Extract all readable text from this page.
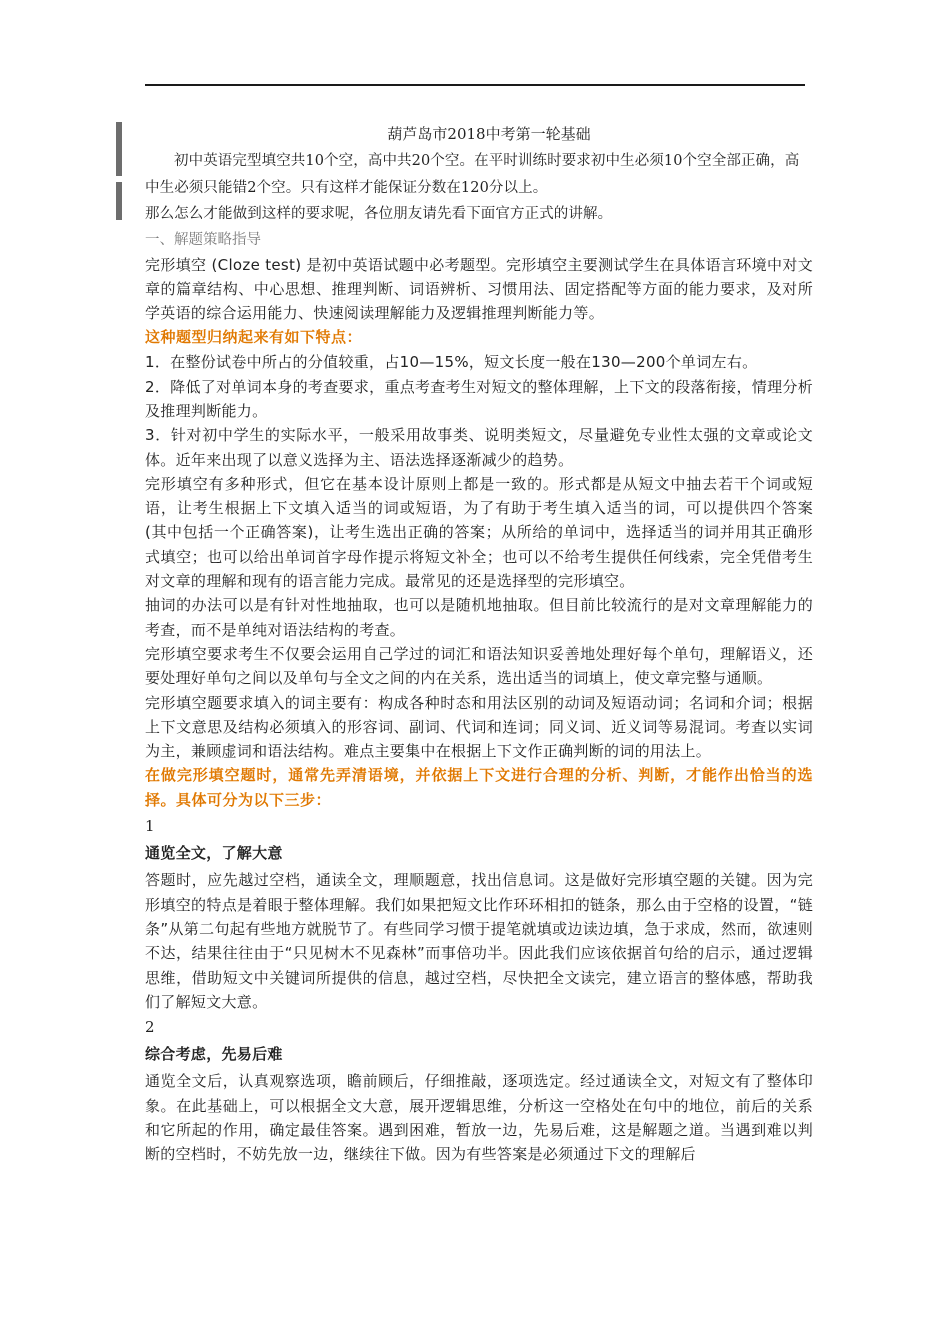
葫芦岛市2018中考第一轮基础

初中英语完型填空共10个空，高中共20个空。在平时训练时要求初中生必须10个空全部正确，高中生必须只能错2个空。只有这样才能保证分数在120分以上。

那么怎么才能做到这样的要求呢，各位朋友请先看下面官方正式的讲解。

一、解题策略指导

完形填空 (Cloze test) 是初中英语试题中必考题型。完形填空主要测试学生在具体语言环境中对文章的篇章结构、中心思想、推理判断、词语辨析、习惯用法、固定搭配等方面的能力要求，及对所学英语的综合运用能力、快速阅读理解能力及逻辑推理判断能力等。

这种题型归纳起来有如下特点：

1．在整份试卷中所占的分值较重，占10—15%，短文长度一般在130—200个单词左右。

2．降低了对单词本身的考查要求，重点考查考生对短文的整体理解，上下文的段落衔接，情理分析及推理判断能力。

3．针对初中学生的实际水平，一般采用故事类、说明类短文，尽量避免专业性太强的文章或论文体。近年来出现了以意义选择为主、语法选择逐渐减少的趋势。

完形填空有多种形式，但它在基本设计原则上都是一致的。形式都是从短文中抽去若干个词或短语，让考生根据上下文填入适当的词或短语，为了有助于考生填入适当的词，可以提供四个答案 (其中包括一个正确答案)，让考生选出正确的答案；从所给的单词中，选择适当的词并用其正确形式填空；也可以给出单词首字母作提示将短文补全；也可以不给考生提供任何线索，完全凭借考生对文章的理解和现有的语言能力完成。最常见的还是选择型的完形填空。

抽词的办法可以是有针对性地抽取，也可以是随机地抽取。但目前比较流行的是对文章理解能力的考查，而不是单纯对语法结构的考查。

完形填空要求考生不仅要会运用自己学过的词汇和语法知识妥善地处理好每个单句，理解语义，还要处理好单句之间以及单句与全文之间的内在关系，选出适当的词填上，使文章完整与通顺。

完形填空题要求填入的词主要有：构成各种时态和用法区别的动词及短语动词；名词和介词；根据上下文意思及结构必须填入的形容词、副词、代词和连词；同义词、近义词等易混词。考查以实词为主，兼顾虚词和语法结构。难点主要集中在根据上下文作正确判断的词的用法上。

在做完形填空题时，通常先弄清语境，并依据上下文进行合理的分析、判断，才能作出恰当的选择。具体可分为以下三步：

1

通览全文，了解大意

答题时，应先越过空档，通读全文，理顺题意，找出信息词。这是做好完形填空题的关键。因为完形填空的特点是着眼于整体理解。我们如果把短文比作环环相扣的链条，那么由于空格的设置，“链条”从第二句起有些地方就脱节了。有些同学习惯于提笔就填或边读边填，急于求成，然而，欲速则不达，结果往往由于“只见树木不见森林”而事倍功半。因此我们应该依据首句给的启示，通过逻辑思维，借助短文中关键词所提供的信息，越过空档，尽快把全文读完，建立语言的整体感，帮助我们了解短文大意。

2

综合考虑，先易后难

通览全文后，认真观察选项，瞻前顾后，仔细推敲，逐项选定。经过通读全文，对短文有了整体印象。在此基础上，可以根据全文大意，展开逻辑思维，分析这一空格处在句中的地位，前后的关系和它所起的作用，确定最佳答案。遇到困难，暂放一边，先易后难，这是解题之道。当遇到难以判断的空档时，不妨先放一边，继续往下做。因为有些答案是必须通过下文的理解后
